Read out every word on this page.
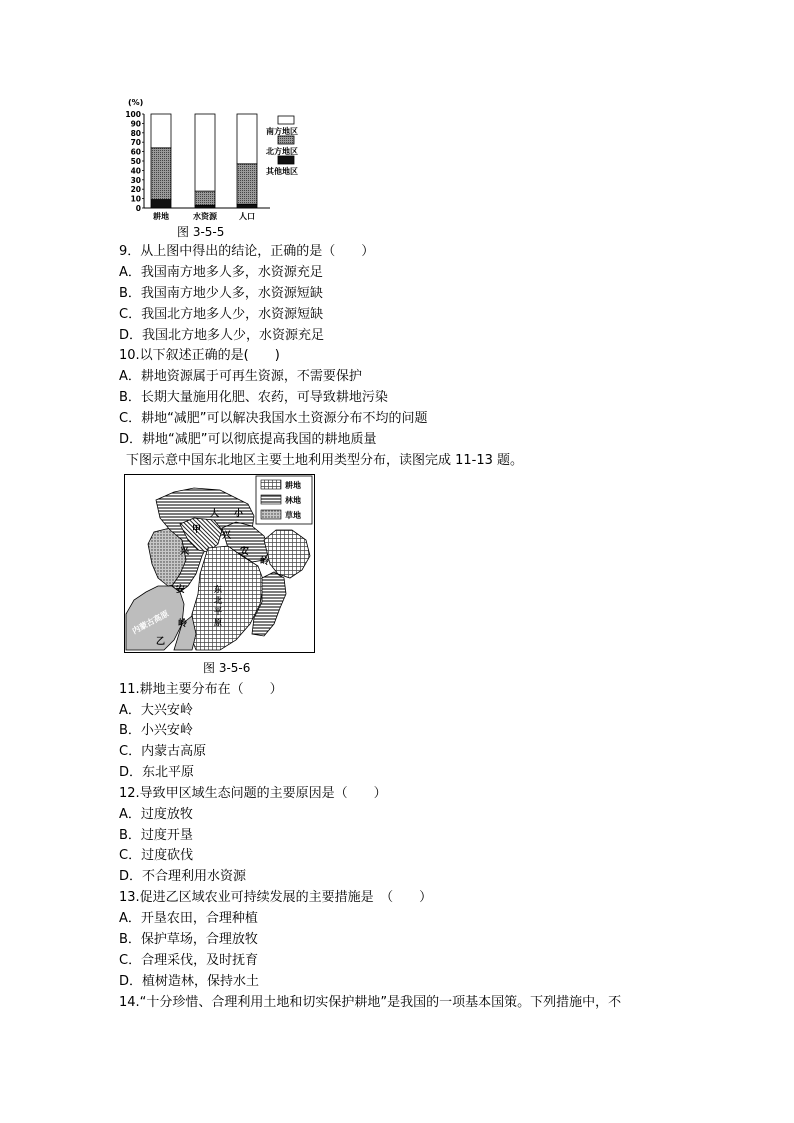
(%)
0
10
20
30
40
50
60
70
80
90
100
耕地	水资源	人口
南方地区
北方地区
其他地区
图 3-5-5
9．从上图中得出的结论，正确的是（　　）
A．我国南方地多人多，水资源充足
B．我国南方地少人多，水资源短缺
C．我国北方地多人少，水资源短缺
D．我国北方地多人少，水资源充足
10.以下叙述正确的是(　　)
A．耕地资源属于可再生资源，不需要保护
B．长期大量施用化肥、农药，可导致耕地污染
C．耕地“减肥”可以解决我国水土资源分布不均的问题
D．耕地“减肥”可以彻底提高我国的耕地质量
下图示意中国东北地区主要土地利用类型分布，读图完成 11-13 题。
耕地
林地
草地
大 小
甲
兴
兴	安
岭
安
岭
东
北
平
原
内蒙古高原
乙
图 3-5-6
11.耕地主要分布在（　　）
A．大兴安岭
B．小兴安岭
C．内蒙古高原
D．东北平原
12.导致甲区域生态问题的主要原因是（　　）
A．过度放牧
B．过度开垦
C．过度砍伐
D．不合理利用水资源
13.促进乙区域农业可持续发展的主要措施是　（　　）
A．开垦农田，合理种植
B．保护草场，合理放牧
C．合理采伐，及时抚育
D．植树造林，保持水土
14.“十分珍惜、合理利用土地和切实保护耕地”是我国的一项基本国策。下列措施中，不
